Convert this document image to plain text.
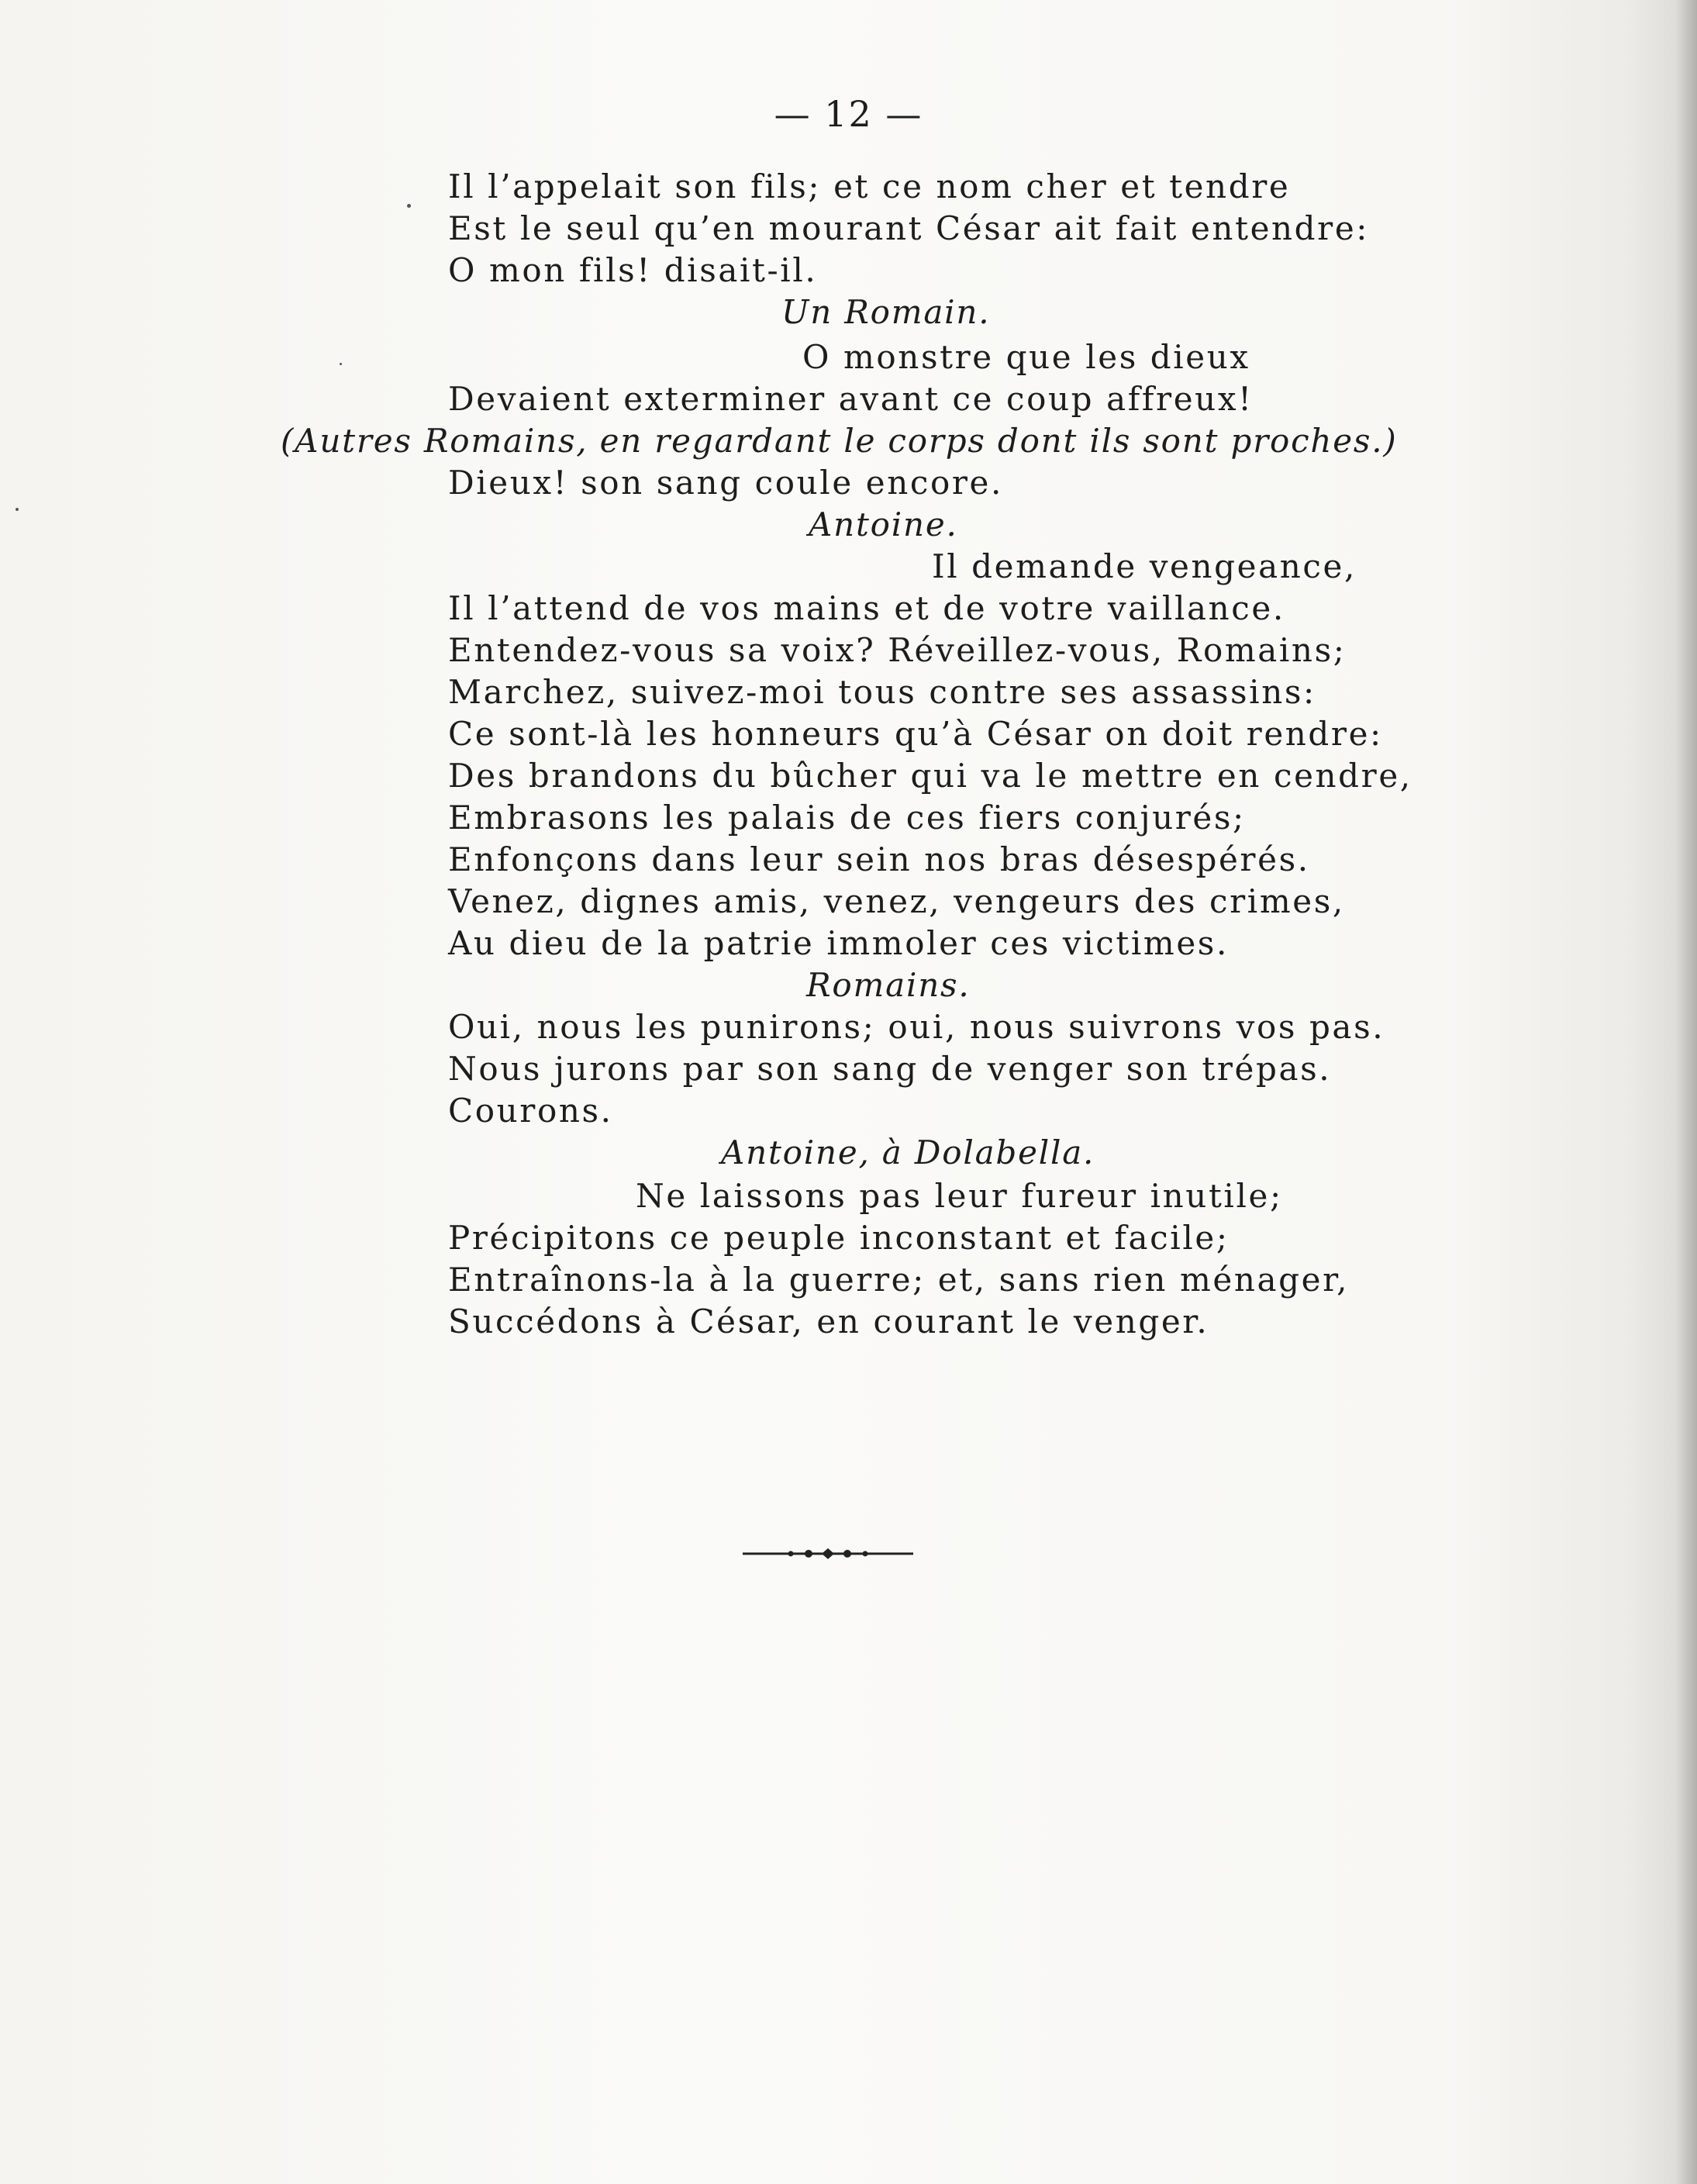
— 12 —
Il l’appelait son fils; et ce nom cher et tendre
Est le seul qu’en mourant César ait fait entendre:
O mon fils! disait-il.
Un Romain.
O monstre que les dieux
Devaient exterminer avant ce coup affreux!
(Autres Romains, en regardant le corps dont ils sont proches.)
Dieux! son sang coule encore.
Antoine.
Il demande vengeance,
Il l’attend de vos mains et de votre vaillance.
Entendez-vous sa voix? Réveillez-vous, Romains;
Marchez, suivez-moi tous contre ses assassins:
Ce sont-là les honneurs qu’à César on doit rendre:
Des brandons du bûcher qui va le mettre en cendre,
Embrasons les palais de ces fiers conjurés;
Enfonçons dans leur sein nos bras désespérés.
Venez, dignes amis, venez, vengeurs des crimes,
Au dieu de la patrie immoler ces victimes.
Romains.
Oui, nous les punirons; oui, nous suivrons vos pas.
Nous jurons par son sang de venger son trépas.
Courons.
Antoine, à Dolabella.
Ne laissons pas leur fureur inutile;
Précipitons ce peuple inconstant et facile;
Entraînons-la à la guerre; et, sans rien ménager,
Succédons à César, en courant le venger.
